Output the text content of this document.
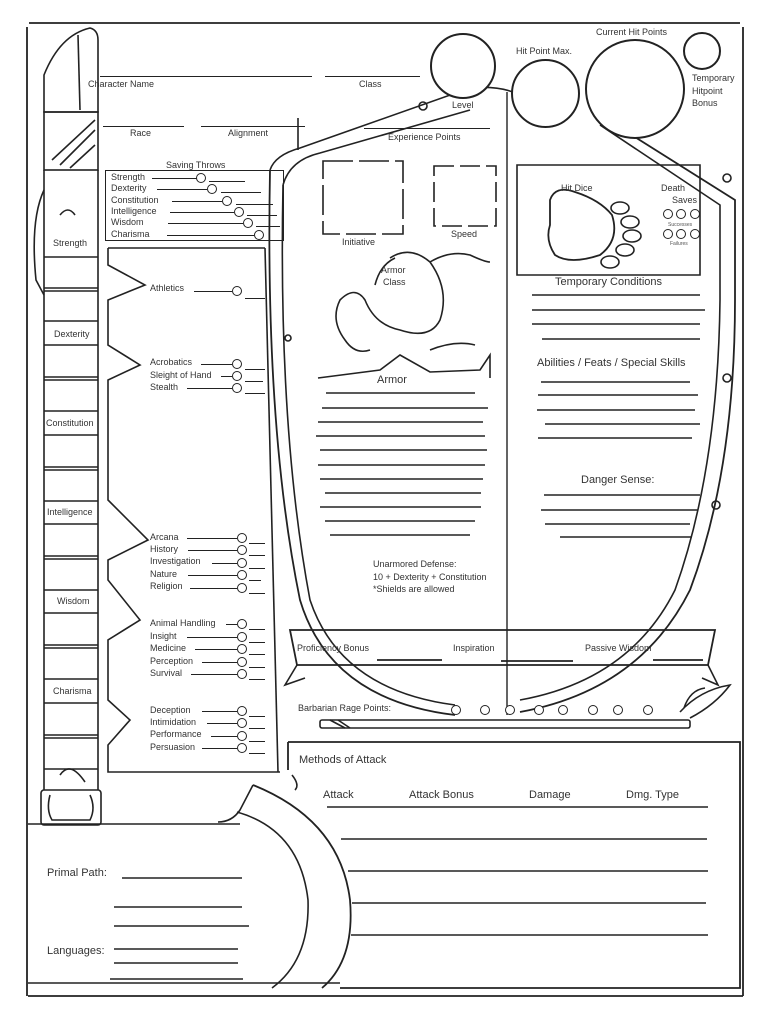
Character Name	Class
Race	Alignment	Experience Points
Level
Hit Point Max.
Current Hit Points
Temporary
Hitpoint
Bonus
Saving Throws
Strength
Dexterity
Constitution
Intelligence
Wisdom
Charisma
Strength
Dexterity
Constitution
Intelligence
Wisdom
Charisma
Athletics
Acrobatics
Sleight of Hand
Stealth
Arcana
History
Investigation
Nature
Religion
Animal Handling
Insight
Medicine
Perception
Survival
Deception
Intimidation
Performance
Persuasion
Initiative
Speed
Armor
Class
Armor
Unarmored Defense:
10 + Dexterity + Constitution
*Shields are allowed
Hit Dice	Death
Saves
Successes
Failures
Temporary Conditions
Abilities / Feats / Special Skills
Danger Sense:
Proficiency Bonus	Inspiration	Passive Wisdom
Barbarian Rage Points:
Methods of Attack
Attack	Attack Bonus	Damage	Dmg. Type
Primal Path:
Languages:
